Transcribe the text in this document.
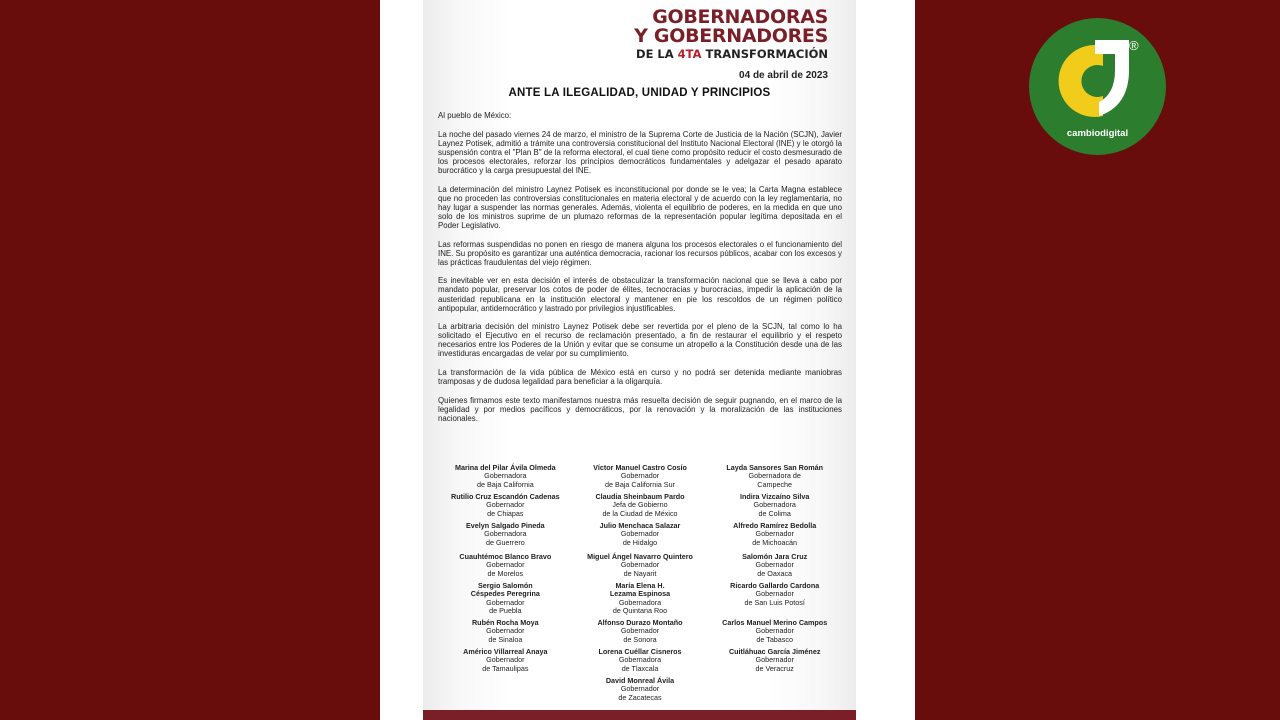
GOBERNADORAS
Y GOBERNADORES
DE LA 4TA TRANSFORMACIÓN
04 de abril de 2023
ANTE LA ILEGALIDAD, UNIDAD Y PRINCIPIOS

Al pueblo de México:

La noche del pasado viernes 24 de marzo, el ministro de la Suprema Corte de Justicia de la Nación (SCJN), Javier Laynez Potisek, admitió a trámite una controversia constitucional del Instituto Nacional Electoral (INE) y le otorgó la suspensión contra el "Plan B" de la reforma electoral, el cual tiene como propósito reducir el costo desmesurado de los procesos electorales, reforzar los principios democráticos fundamentales y adelgazar el pesado aparato burocrático y la carga presupuestal del INE.

La determinación del ministro Laynez Potisek es inconstitucional por donde se le vea; la Carta Magna establece que no proceden las controversias constitucionales en materia electoral y de acuerdo con la ley reglamentaria, no hay lugar a suspender las normas generales. Además, violenta el equilibrio de poderes, en la medida en que uno solo de los ministros suprime de un plumazo reformas de la representación popular legítima depositada en el Poder Legislativo.

Las reformas suspendidas no ponen en riesgo de manera alguna los procesos electorales o el funcionamiento del INE. Su propósito es garantizar una auténtica democracia, racionar los recursos públicos, acabar con los excesos y las prácticas fraudulentas del viejo régimen.

Es inevitable ver en esta decisión el interés de obstaculizar la transformación nacional que se lleva a cabo por mandato popular, preservar los cotos de poder de élites, tecnocracias y burocracias, impedir la aplicación de la austeridad republicana en la institución electoral y mantener en pie los rescoldos de un régimen político antipopular, antidemocrático y lastrado por privilegios injustificables.

La arbitraria decisión del ministro Laynez Potisek debe ser revertida por el pleno de la SCJN, tal como lo ha solicitado el Ejecutivo en el recurso de reclamación presentado, a fin de restaurar el equilibrio y el respeto necesarios entre los Poderes de la Unión y evitar que se consume un atropello a la Constitución desde una de las investiduras encargadas de velar por su cumplimiento.

La transformación de la vida pública de México está en curso y no podrá ser detenida mediante maniobras tramposas y de dudosa legalidad para beneficiar a la oligarquía.

Quienes firmamos este texto manifestamos nuestra más resuelta decisión de seguir pugnando, en el marco de la legalidad y por medios pacíficos y democráticos, por la renovación y la moralización de las instituciones nacionales.

Marina del Pilar Ávila Olmeda
Gobernadora
de Baja California
Víctor Manuel Castro Cosío
Gobernador
de Baja California Sur
Layda Sansores San Román
Gobernadora de
Campeche
Rutilio Cruz Escandón Cadenas
Gobernador
de Chiapas
Claudia Sheinbaum Pardo
Jefa de Gobierno
de la Ciudad de México
Indira Vizcaíno Silva
Gobernadora
de Colima
Evelyn Salgado Pineda
Gobernadora
de Guerrero
Julio Menchaca Salazar
Gobernador
de Hidalgo
Alfredo Ramírez Bedolla
Gobernador
de Michoacán
Cuauhtémoc Blanco Bravo
Gobernador
de Morelos
Miguel Ángel Navarro Quintero
Gobernador
de Nayarit
Salomón Jara Cruz
Gobernador
de Oaxaca
Sergio Salomón
Céspedes Peregrina
Gobernador
de Puebla
María Elena H.
Lezama Espinosa
Gobernadora
de Quintana Roo
Ricardo Gallardo Cardona
Gobernador
de San Luis Potosí
Rubén Rocha Moya
Gobernador
de Sinaloa
Alfonso Durazo Montaño
Gobernador
de Sonora
Carlos Manuel Merino Campos
Gobernador
de Tabasco
Américo Villarreal Anaya
Gobernador
de Tamaulipas
Lorena Cuéllar Cisneros
Gobernadora
de Tlaxcala
Cuitláhuac García Jiménez
Gobernador
de Veracruz
David Monreal Ávila
Gobernador
de Zacatecas
cambiodigital
®
